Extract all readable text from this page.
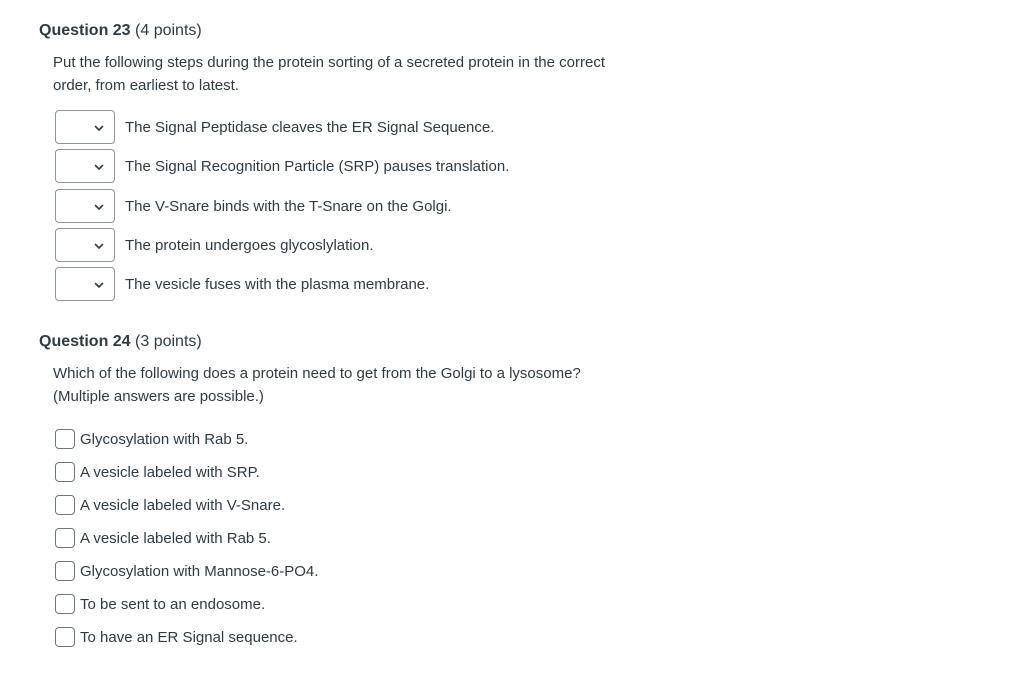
Question 23 (4 points)
Put the following steps during the protein sorting of a secreted protein in the correct
order, from earliest to latest.
The Signal Peptidase cleaves the ER Signal Sequence.
The Signal Recognition Particle (SRP) pauses translation.
The V-Snare binds with the T-Snare on the Golgi.
The protein undergoes glycoslylation.
The vesicle fuses with the plasma membrane.
Question 24 (3 points)
Which of the following does a protein need to get from the Golgi to a lysosome?
(Multiple answers are possible.)
Glycosylation with Rab 5.
A vesicle labeled with SRP.
A vesicle labeled with V-Snare.
A vesicle labeled with Rab 5.
Glycosylation with Mannose-6-PO4.
To be sent to an endosome.
To have an ER Signal sequence.
